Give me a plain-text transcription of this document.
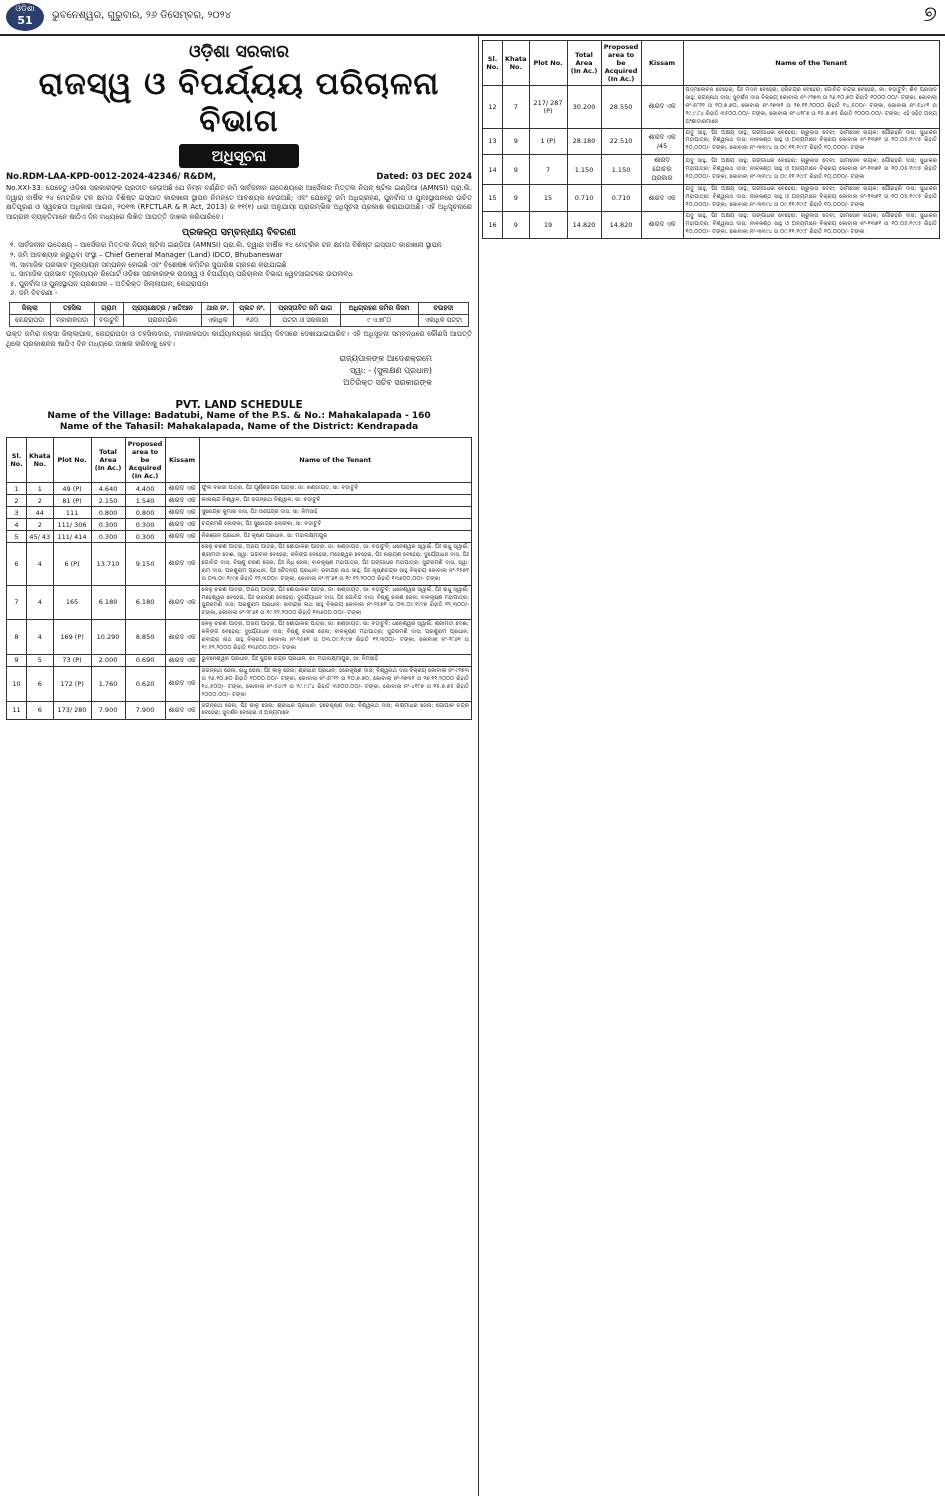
ଓଡ଼ିଶା
51	ଭୁବନେଶ୍ୱର, ଗୁରୁବାର, ୨୬ ଡିସେମ୍ବର, ୨୦୨୪	୭
ଓଡ଼ିଶା ସରକାର
ରାଜସ୍ୱ ଓ ବିପର୍ଯ୍ୟୟ ପରିଚାଳନା ବିଭାଗ
ଅଧିସୂଚନା
No.RDM-LAA-KPD-0012-2024-42346/ R&DM,	Dated: 03 DEC 2024
No.XXI-33: ଯେହେତୁ ଓଡ଼ିଶା ସରକାରଙ୍କ ପ୍ରତୀତ ହେଉଅଛି ଯେ ନିମ୍ନ ବର୍ଣ୍ଣିତ ଜମି ସାର୍ବଜନୀନ ଉଦ୍ଦେଶ୍ୟରେ ଆର୍ସେଲର ମିତ୍ତଲ ନିପନ୍ ଷ୍ଟିଲ ଇଣ୍ଡିଆ (AMNSI) ପ୍ରା.ଲି. ଦ୍ୱାରା ବାର୍ଷିକ ୨୪ ମେଟ୍ରିକ ଟନ କ୍ଷମତା ବିଶିଷ୍ଟ ଇସ୍ପାତ କାରଖାନା ସ୍ଥାପନ ନିମନ୍ତେ ଆବଶ୍ୟକ ହେଉଅଛି; ଏବଂ ଯେହେତୁ ଜମି ଅଧିଗ୍ରହଣ, ପୁନର୍ବାସ ଓ ପୁନଃସ୍ଥାପନରେ ଉଚିତ କ୍ଷତିପୂରଣ ଓ ସ୍ୱଚ୍ଛତା ଅଧିକାର ଆଇନ, ୨୦୧୩ (RFCTLAR & R Act, 2013) ର ୧୧(୧) ଧାରା ଅନୁଯାୟୀ ପ୍ରାରମ୍ଭିକ ଅଧିସୂଚନା ପ୍ରକାଶ କରାଯାଉଅଛି। ଏହି ଅଧିସୂଚନାରେ ଆଗ୍ରହୀ ବ୍ୟକ୍ତିମାନେ ଷାଠିଏ ଦିନ ମଧ୍ୟରେ ଲିଖିତ ଆପତ୍ତି ଦାଖଲ କରିପାରିବେ।
ପ୍ରକଳ୍ପ ସମ୍ବନ୍ଧୀୟ ବିବରଣୀ
୧. ସାର୍ବଜନୀନ ଉଦ୍ଦେଶ୍ୟ – ଆର୍ସେଲର ମିତ୍ତଲ ନିପନ୍ ଷ୍ଟିଲ ଇଣ୍ଡିଆ (AMNSI) ପ୍ରା.ଲି. ଦ୍ୱାରା ବାର୍ଷିକ ୨୪ ମେଟ୍ରିକ ଟନ କ୍ଷମତା ବିଶିଷ୍ଟ ଇସ୍ପାତ କାରଖାନା ସ୍ଥାପନ
୨. ଜମି ଆବଶ୍ୟକ କରୁଥିବା ସଂସ୍ଥା – Chief General Manager (Land) IDCO, Bhubaneswar
୩. ସାମାଜିକ ପ୍ରଭାବ ମୂଲ୍ୟାୟନ ସମ୍ପନ୍ନ ହୋଇଛି ଏବଂ ବିଶେଷଜ୍ଞ କମିଟିର ସୁପାରିଶ ଗ୍ରହଣ କରାଯାଇଛି
୪. ସାମାଜିକ ପ୍ରଭାବ ମୂଲ୍ୟାୟନ ରିପୋର୍ଟ ଓଡ଼ିଶା ସରକାରଙ୍କ ରାଜସ୍ୱ ଓ ବିପର୍ଯ୍ୟୟ ପରିଚାଳନା ବିଭାଗ ୱେବସାଇଟରେ ଉପଲବ୍ଧ
୫. ପୁନର୍ବାସ ଓ ପୁନଃସ୍ଥାପନ ପ୍ରଶାସକ – ଅତିରିକ୍ତ ଜିଲ୍ଲାପାଳ, କେନ୍ଦ୍ରାପଡ଼ା
୬. ଜମି ବିବରଣୀ -
ଜିଲ୍ଲା	ତହସିଲ	ଗ୍ରାମ	ପ୍ରାୟକ୍ଷେତ୍ର / ଖତିଆନ	ଥାନା ନଂ.	ପ୍ଲଟ ନଂ.	ପ୍ରସ୍ତାବିତ ଜମି ଭାଗ	ଅଧିଗ୍ରହଣ ଜମିର କିସମ	ଚଉହଦୀ
କେନ୍ଦ୍ରାପଡ଼ା	ମହାକାଳପଡ଼ା	ବଡ଼ାଟୁବି	ପ୍ରାରମ୍ଭିକ	ଏକାଧିକ	୧୬୦	ପଟ୍ଟା ଓ ସରକାରୀ	୯ ଏ.୭୮୦	ଏକାଧିକ ପଟ୍ଟା
ଉକ୍ତ ଜମିର ନକ୍ସା ଜିଲ୍ଲାପାଳ, କେନ୍ଦ୍ରାପଡ଼ା ଓ ତହସିଲଦାର, ମହାକାଳପଡ଼ା କାର୍ଯ୍ୟାଳୟରେ କାର୍ଯ୍ୟ ଦିବସରେ ଦେଖାଯାଇପାରିବ। ଏହି ଅଧିସୂଚନା ସମ୍ବନ୍ଧରେ କୌଣସି ଆପତ୍ତି ଥିଲେ ପ୍ରକାଶନର ଷାଠିଏ ଦିନ ମଧ୍ୟରେ ଦାଖଲ କରିବାକୁ ହେବ।
ରାଜ୍ୟପାଳଙ୍କ ଆଦେଶକ୍ରମେ
ସ୍ୱା: - (ସୁଲକ୍ଷଣ ପ୍ରଧାନ)
ଅତିରିକ୍ତ ସଚିବ ସରକାରଙ୍କ
PVT. LAND SCHEDULE
Name of the Village: Badatubi, Name of the P.S. & No.: Mahakalapada - 160
Name of the Tahasil: Mahakalapada, Name of the District: Kendrapada
Sl. No.	Khata No.	Plot No.	Total Area (In Ac.)	Proposed area to be Acquired (In Ac.)	Kissam	Name of the Tenant
1	1	49 (P)	4.640	4.400	ଶାରଦ ଏକ	ଫୁଲ ବରଜୀ ପାତ୍ର, ପିଃ ପୂର୍ଣ୍ଣଚନ୍ଦ୍ର ପାତ୍ର, ଜା: ଖଣ୍ଡାୟତ, ସା: ବଡ଼ାଟୁବି
2	2	81 (P)	2.150	1.540	ଶାରଦ ଏକ	କାଳାଚାନ୍ଦ ବିଶ୍ୱାଳ, ପିଃ ଜଗନ୍ନାଥ ବିଶ୍ୱାଳ, ସା: ବଡ଼ାଟୁବି
3	44	111	0.800	0.800	ଶାରଦ ଏକ	ସୁରେନ୍ଦ୍ର କୁମାର ଦାସ, ପିଃ ଉପେନ୍ଦ୍ର ଦାସ, ସା: ନିମସାହି
4	2	111/ 306	0.300	0.300	ଶାରଦ ଏକ	ଚନ୍ଦ୍ରମଣି ଲେଙ୍କା, ପିଃ ସୁରେନ୍ଦ୍ର ଲେଙ୍କା, ସା: ବଡ଼ାଟୁବି
5	45/ 43	111/ 414	0.300	0.300	ଶାରଦ ଏକ	ନିରଞ୍ଜନ ପ୍ରଧାନ, ପିଃ କୃଷ୍ଣ ପ୍ରଧାନ, ସା: ମହାଲକ୍ଷ୍ମୀପୁର
6	4	6 (P)	13.710	9.150	ଶାରଦ ଏକ	କେଳୁ ଚରଣ ପାତ୍ର, ଅଜୟ ପାତ୍ର, ପିଃ ଶୋଭାକର ପାତ୍ର, ଜା: ଖଣ୍ଡାୟତ, ସା: ବଡ଼ାଟୁବି; ଧନେଶ୍ୱର ସ୍ୱାଇଁ, ପିଃ ରାଧୁ ସ୍ୱାଇଁ; ଶ୍ରୀମତୀ ଦେଈ, ସ୍ୱା: ଭଗବାନ ବେହେରା; କଳିଙ୍ଗ ବେହେରା, ମହେଶ୍ୱର ବେହେରା, ପିଃ ନାରାୟଣ ବେହେରା; ଦୁର୍ଯ୍ୟୋଧନ ଦାସ, ପିଃ ଗୋବିନ୍ଦ ଦାସ; ବିଷ୍ଣୁ ଚରଣ ଜେନା, ପିଃ ନିଧି ଜେନା; ବାଳକୃଷ୍ଣ ମହାପାତ୍ର, ପିଃ ଗଙ୍ଗାଧର ମହାପାତ୍ର; ସୁନ୍ଦରମଣି ଦାସ, ସ୍ୱା: ରାମ ଦାସ; ପରଶୁରାମ ପ୍ରଧାନ, ପିଃ ଚୈତନ୍ୟ ପ୍ରଧାନ; ରବୀନ୍ଦ୍ର ନାଥ ସାହୁ, ପିଃ କୃଷ୍ଣଚନ୍ଦ୍ର ସାହୁ ବିକ୍ରୟ କୋବାଲା ନଂ-୨୫୭୧ ତା ୦୩.୦୯.୧୯୯୭ ରିହାତି ୧୨,୩୦୦/- ଟଙ୍କା, କୋବାଲା ନଂ-୨୮୬୧ ତା ୧୯.୧୨.୨୦୦୦ ରିହାତି ୧୩୬୦୦.୦୦/- ଟଙ୍କା
7	4	165	6.180	6.180	ଶାରଦ ଏକ	କେଳୁ ଚରଣ ପାତ୍ର, ଅଜୟ ପାତ୍ର, ପିଃ ଶୋଭାକର ପାତ୍ର, ଜା: ଖଣ୍ଡାୟତ, ସା: ବଡ଼ାଟୁବି; ଧନେଶ୍ୱର ସ୍ୱାଇଁ, ପିଃ ରାଧୁ ସ୍ୱାଇଁ; ମହେଶ୍ୱର ବେହେରା, ପିଃ ନାରାୟଣ ବେହେରା; ଦୁର୍ଯ୍ୟୋଧନ ଦାସ, ପିଃ ଗୋବିନ୍ଦ ଦାସ; ବିଷ୍ଣୁ ଚରଣ ଜେନା; ବାଳକୃଷ୍ଣ ମହାପାତ୍ର; ସୁନ୍ଦରମଣି ଦାସ; ପରଶୁରାମ ପ୍ରଧାନ; ରବୀନ୍ଦ୍ର ନାଥ ସାହୁ ବିକ୍ରୟ କୋବାଲା ନଂ-୨୫୭୧ ତା ୦୩.୦୯.୧୯୯୭ ରିହାତି ୧୨,୩୦୦/- ଟଙ୍କା, କୋବାଲା ନଂ-୨୮୬୧ ତା ୧୯.୧୨.୨୦୦୦ ରିହାତି ୧୩୬୦୦.୦୦/- ଟଙ୍କା
8	4	169 (P)	10.290	8.850	ଶାରଦ ଏକ	କେଳୁ ଚରଣ ପାତ୍ର, ଅଜୟ ପାତ୍ର, ପିଃ ଶୋଭାକର ପାତ୍ର, ଜା: ଖଣ୍ଡାୟତ, ସା: ବଡ଼ାଟୁବି; ଧନେଶ୍ୱର ସ୍ୱାଇଁ; ଶ୍ରୀମତୀ ଦେଈ; କଳିଙ୍ଗ ବେହେରା; ଦୁର୍ଯ୍ୟୋଧନ ଦାସ; ବିଷ୍ଣୁ ଚରଣ ଜେନା; ବାଳକୃଷ୍ଣ ମହାପାତ୍ର; ସୁନ୍ଦରମଣି ଦାସ; ପରଶୁରାମ ପ୍ରଧାନ; ରବୀନ୍ଦ୍ର ନାଥ ସାହୁ ବିକ୍ରୟ କୋବାଲା ନଂ-୨୫୭୧ ତା ୦୩.୦୯.୧୯୯୭ ରିହାତି ୧୨,୩୦୦/- ଟଙ୍କା, କୋବାଲା ନଂ-୨୮୬୧ ତା ୧୯.୧୨.୨୦୦୦ ରିହାତି ୧୩୬୦୦.୦୦/- ଟଙ୍କା
9	5	73 (P)	2.000	0.690	ଶାରଦ ଏକ	ଭୁବନେଶ୍ୱର ପ୍ରଧାନ, ପିଃ ସୁନ୍ଦର ଚନ୍ଦ୍ର ପ୍ରଧାନ, ଜା: ମହାଲକ୍ଷ୍ମୀପୁର, ସା: ନିମସାହି
10	6	172 (P)	1.760	0.620	ଶାରଦ ଏକ	ଜଗନ୍ନାଥ ଜେନା, ରାଧୁ ଜେନା, ପିଃ କାଳୁ ଜେନା; ଶ୍ରୀଧର ପ୍ରଧାନ; ହରେକୃଷ୍ଣ ଦାସ; ବିଶ୍ୱନାଥ ଦାସ ବିକ୍ରୟ କୋବାଲା ନଂ-୯୨୭୩ ତା ୨୬.୧୦.୭୦ ରିହାତି ୧୦୦୦.୦୦/- ଟଙ୍କା, କୋବାଲା ନଂ-୫୮୨୨ ତା ୧୦.୭.୭୦, କୋବାଲା ନଂ-୨୭୩୧ ତା ୨୭.୧୧.୨୦୦୦ ରିହାତି ୧୪,୫୦୦/- ଟଙ୍କା, କୋବାଲା ନଂ-୫୪୯୧ ତା ୨୯.୯.୮୪ ରିହାତି ୩୫୦୦.୦୦/- ଟଙ୍କା, କୋବାଲା ନଂ-୪୧୮୭ ତା ୧୫.୭.୭୫ ରିହାତି ୨୦୦୦.୦୦/- ଟଙ୍କା
11	6	173/ 280	7.900	7.900	ଶାରଦ ଏକ	ଜଗନ୍ନାଥ ଜେନା, ପିଃ କାଳୁ ଜେନା; ଶ୍ରୀଧର ପ୍ରଧାନ; ହରେକୃଷ୍ଣ ଦାସ; ବିଶ୍ୱନାଥ ଦାସ; ଲକ୍ଷ୍ମୀଧର ଜେନା; ଗୋପାଳ ଚନ୍ଦ୍ର ବେହେରା; ସୁଦର୍ଶନ ବେହେରା ଓ ଅନ୍ୟମାନେ
Sl. No.	Khata No.	Plot No.	Total Area (In Ac.)	Proposed area to be Acquired (In Ac.)	Kissam	Name of the Tenant
12	7	217/ 287 (P)	30.200	28.550	ଶାରଦ ଏକ	ପଦ୍ମଲୋଚନ ବେହେରା, ପିଃ ମଦନ ବେହେରା; ହରିଚନ୍ଦ୍ର ବେହେରା; ଗୋବିନ୍ଦ ଚନ୍ଦ୍ର ବେହେରା, କା: ବଡ଼ାଟୁବି; ଶିବ ପ୍ରସାଦ ସାହୁ; ଜଗନ୍ନାଥ ଦାସ; ସୁଦର୍ଶନ ଦାସ ବିକ୍ରୟ କୋବାଲା ନଂ-୯୨୭୩ ତା ୨୬.୧୦.୭୦ ରିହାତି ୧୦୦୦.୦୦/- ଟଙ୍କା, କୋବାଲା ନଂ-୫୮୨୨ ତା ୧୦.୭.୭୦, କୋବାଲା ନଂ-୨୭୩୧ ତା ୨୭.୧୧.୨୦୦୦ ରିହାତି ୧୪,୫୦୦/- ଟଙ୍କା, କୋବାଲା ନଂ-୫୪୯୧ ତା ୨୯.୯.୮୪ ରିହାତି ୩୫୦୦.୦୦/- ଟଙ୍କା, କୋବାଲା ନଂ-୪୧୮୭ ତା ୧୫.୭.୭୫ ରିହାତି ୨୦୦୦.୦୦/- ଟଙ୍କା; ଏହି ସହିତ ଅନ୍ୟ ଅଂଶୀଦାରମାନେ
13	9	1 (P)	28.180	22.510	ଶାରଦ ଏକ /45	ଯଦୁ ସାହୁ, ପିଃ ଅକ୍ଷୟ ସାହୁ; ଗଙ୍ଗାଧର ବେହେରା; ଚାରୁଲତା ଦେବୀ; ଭୀମସେନ ନାୟକ; ଗୌରହରି ଦାସ; ସୁଧାକର ମହାପାତ୍ର; ବିଶ୍ୱନାଥ ଦାସ; ନୀଳକଣ୍ଠ ସାହୁ ଓ ଅନ୍ୟମାନେ ବିକ୍ରୟ କୋବାଲା ନଂ-୧୩୭୧ ତା ୧୦.୦୫.୧୯୯୫ ରିହାତି ୧୦,୦୦୦/- ଟଙ୍କା, କୋବାଲା ନଂ-୩୩୯୪ ତା ୦୯.୧୧.୧୯୯୮ ରିହାତି ୧୦,୦୦୦/- ଟଙ୍କା
14	9	7	1.150	1.150	ଶାରଦ ଗୋଚର ପ୍ରକାର	ଯଦୁ ସାହୁ, ପିଃ ଅକ୍ଷୟ ସାହୁ; ଗଙ୍ଗାଧର ବେହେରା; ଚାରୁଲତା ଦେବୀ; ଭୀମସେନ ନାୟକ; ଗୌରହରି ଦାସ; ସୁଧାକର ମହାପାତ୍ର; ବିଶ୍ୱନାଥ ଦାସ; ନୀଳକଣ୍ଠ ସାହୁ ଓ ଅନ୍ୟମାନେ ବିକ୍ରୟ କୋବାଲା ନଂ-୧୩୭୧ ତା ୧୦.୦୫.୧୯୯୫ ରିହାତି ୧୦,୦୦୦/- ଟଙ୍କା, କୋବାଲା ନଂ-୩୩୯୪ ତା ୦୯.୧୧.୧୯୯୮ ରିହାତି ୧୦,୦୦୦/- ଟଙ୍କା
15	9	15	0.710	0.710	ଶାରଦ ଏକ	ଯଦୁ ସାହୁ, ପିଃ ଅକ୍ଷୟ ସାହୁ; ଗଙ୍ଗାଧର ବେହେରା; ଚାରୁଲତା ଦେବୀ; ଭୀମସେନ ନାୟକ; ଗୌରହରି ଦାସ; ସୁଧାକର ମହାପାତ୍ର; ବିଶ୍ୱନାଥ ଦାସ; ନୀଳକଣ୍ଠ ସାହୁ ଓ ଅନ୍ୟମାନେ ବିକ୍ରୟ କୋବାଲା ନଂ-୧୩୭୧ ତା ୧୦.୦୫.୧୯୯୫ ରିହାତି ୧୦,୦୦୦/- ଟଙ୍କା, କୋବାଲା ନଂ-୩୩୯୪ ତା ୦୯.୧୧.୧୯୯୮ ରିହାତି ୧୦,୦୦୦/- ଟଙ୍କା
16	9	19	14.820	14.820	ଶାରଦ ଏକ	ଯଦୁ ସାହୁ, ପିଃ ଅକ୍ଷୟ ସାହୁ; ଗଙ୍ଗାଧର ବେହେରା; ଚାରୁଲତା ଦେବୀ; ଭୀମସେନ ନାୟକ; ଗୌରହରି ଦାସ; ସୁଧାକର ମହାପାତ୍ର; ବିଶ୍ୱନାଥ ଦାସ; ନୀଳକଣ୍ଠ ସାହୁ ଓ ଅନ୍ୟମାନେ ବିକ୍ରୟ କୋବାଲା ନଂ-୧୩୭୧ ତା ୧୦.୦୫.୧୯୯୫ ରିହାତି ୧୦,୦୦୦/- ଟଙ୍କା, କୋବାଲା ନଂ-୩୩୯୪ ତା ୦୯.୧୧.୧୯୯୮ ରିହାତି ୧୦,୦୦୦/- ଟଙ୍କା
